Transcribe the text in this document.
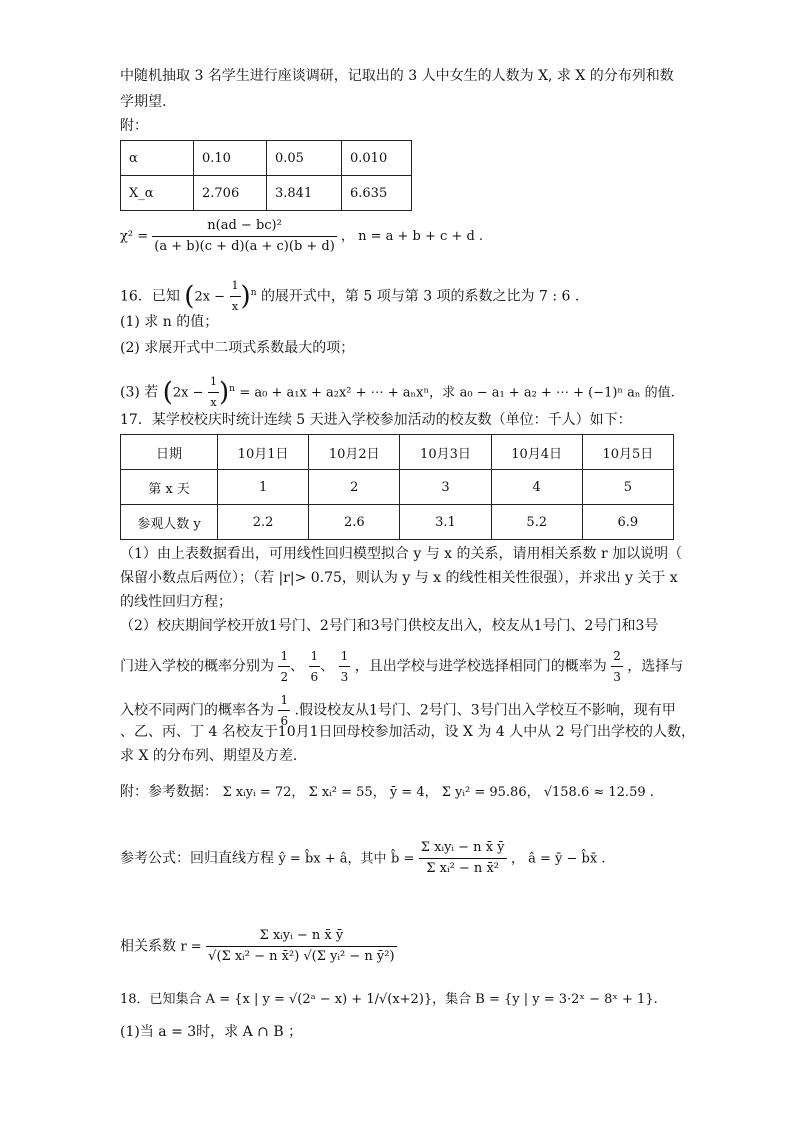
中随机抽取 3 名学生进行座谈调研，记取出的 3 人中女生的人数为 X, 求 X 的分布列和数
学期望.
附：
α	0.10	0.05	0.010
X_α	2.706	3.841	6.635
$\chi^2 = \frac{\text{n(ad − bc)²}}{(a + b)(c + d)(a + c)(b + d)}$ ， n = a + b + c + d .
16．已知 $(2x - \frac{1}{x} )^n$ 的展开式中，第 5 项与第 3 项的系数之比为 7 : 6 .
(1) 求 n 的值；
(2) 求展开式中二项式系数最大的项；
(3) 若 $(2x - \frac{1}{x} )^n = a_0 + a_1x + a_2x^2$ + ⋯ + aₙxⁿ，求 a₀ − a₁ + a₂ + ⋯ + (−1)ⁿ aₙ 的值.
17．某学校校庆时统计连续 5 天进入学校参加活动的校友数（单位：千人）如下：
日期	10月1日	10月2日	10月3日	10月4日	10月5日
第 x 天	1	2	3	4	5
参观人数 y	2.2	2.6	3.1	5.2	6.9
（1）由上表数据看出，可用线性回归模型拟合 y 与 x 的关系，请用相关系数 r 加以说明（
保留小数点后两位）；（若 |r|> 0.75，则认为 y 与 x 的线性相关性很强），并求出 y 关于 x
的线性回归方程；
（2）校庆期间学校开放1号门、2号门和3号门供校友出入，校友从1号门、2号门和3号
门进入学校的概率分别为 $\frac{1}{2}$ 、 $\frac{1}{6}$ 、 $\frac{1}{3}$ ，且出学校与进学校选择相同门的概率为 $\frac{2}{3}$ ，选择与
入校不同两门的概率各为 $\frac{1}{6}$ .假设校友从1号门、2号门、3号门出入学校互不影响，现有甲
、乙、丙、丁 4 名校友于10月1日回母校参加活动，设 X 为 4 人中从 2 号门出学校的人数，
求 X 的分布列、期望及方差.
附：参考数据： Σ xᵢyᵢ = 72， Σ xᵢ² = 55， ȳ = 4， Σ yᵢ² = 95.86， √158.6 ≈ 12.59 .
参考公式：回归直线方程 ŷ = b̂x + â，其中 b̂ = $\frac{\text{Σ xᵢyᵢ − n x̄ ȳ}}{\text{Σ xᵢ² − n x̄²}}$ ， â = ȳ − b̂x̄ .
相关系数 $r = \frac{\text{Σ xᵢyᵢ − n x̄ ȳ}}{\text{√(Σ xᵢ² − n x̄²) √(Σ yᵢ² − n ȳ²)}}$
18．已知集合 A = {x | y = √(2ᵃ − x) + 1/√(x+2)}，集合 B = {y | y = 3·2ˣ − 8ˣ + 1}.
(1)当 a = 3时，求 A ∩ B ；
